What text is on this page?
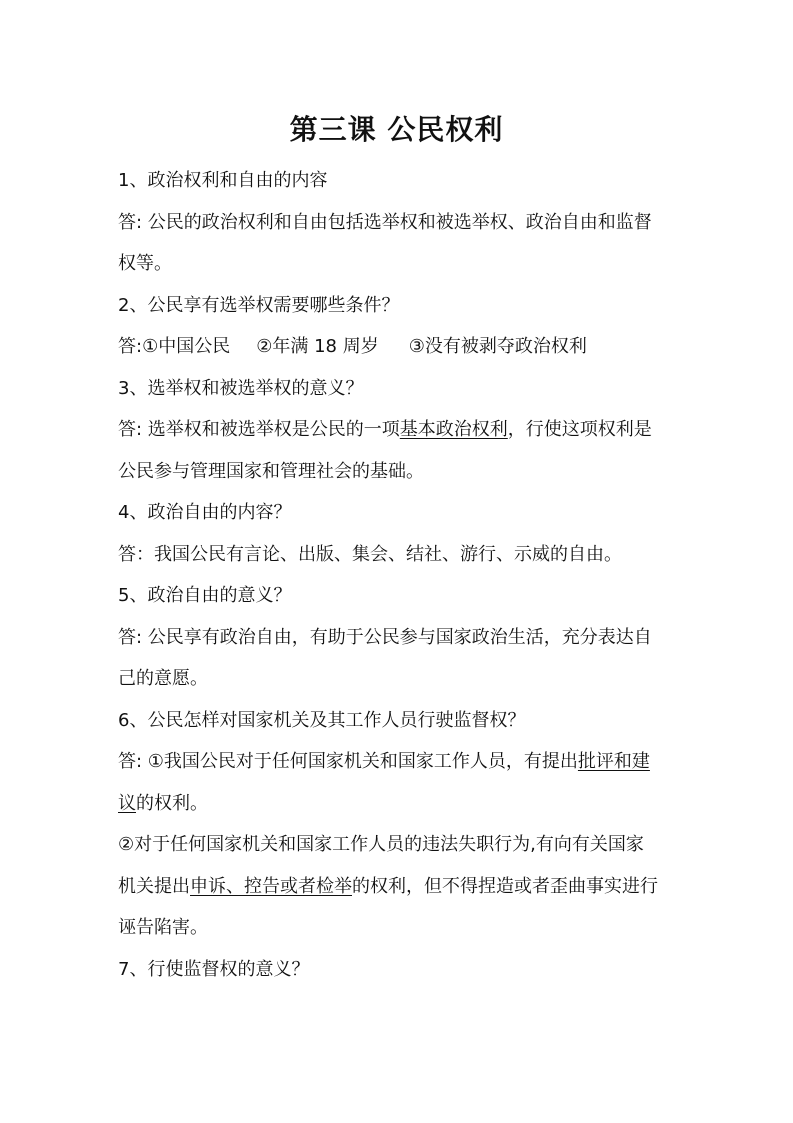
第三课 公民权利

1、政治权利和自由的内容

答: 公民的政治权利和自由包括选举权和被选举权、政治自由和监督

权等。

2、公民享有选举权需要哪些条件？

答:①中国公民 ②年满 18 周岁 ③没有被剥夺政治权利

3、选举权和被选举权的意义？

答: 选举权和被选举权是公民的一项基本政治权利，行使这项权利是

公民参与管理国家和管理社会的基础。

4、政治自由的内容？

答：我国公民有言论、出版、集会、结社、游行、示威的自由。

5、政治自由的意义？

答: 公民享有政治自由，有助于公民参与国家政治生活，充分表达自

己的意愿。

6、公民怎样对国家机关及其工作人员行驶监督权？

答: ①我国公民对于任何国家机关和国家工作人员，有提出批评和建

议的权利。

②对于任何国家机关和国家工作人员的违法失职行为,有向有关国家

机关提出申诉、控告或者检举的权利，但不得捏造或者歪曲事实进行

诬告陷害。

7、行使监督权的意义？
